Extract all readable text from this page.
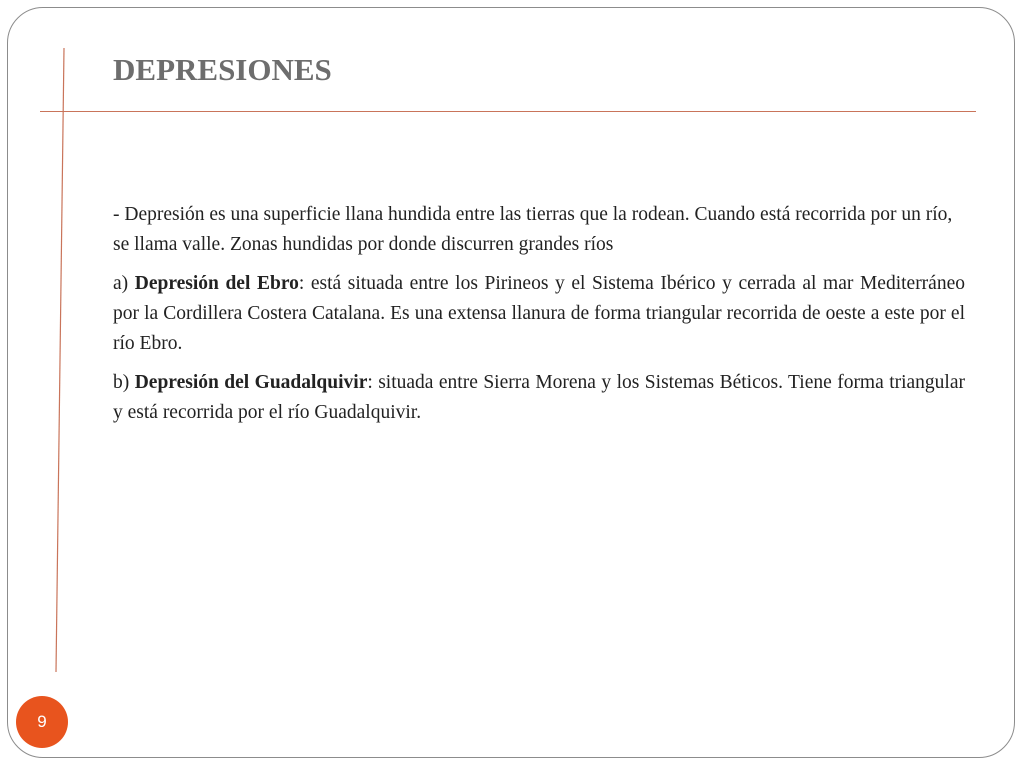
DEPRESIONES

- Depresión es una superficie llana hundida entre las tierras que la rodean. Cuando está recorrida por un río, se llama valle. Zonas hundidas por donde discurren grandes ríos

a) Depresión del Ebro: está situada entre los Pirineos y el Sistema Ibérico y cerrada al mar Mediterráneo por la Cordillera Costera Catalana. Es una extensa llanura de forma triangular recorrida de oeste a este por el río Ebro.

b) Depresión del Guadalquivir: situada entre Sierra Morena y los Sistemas Béticos. Tiene forma triangular y está recorrida por el río Guadalquivir.

9
